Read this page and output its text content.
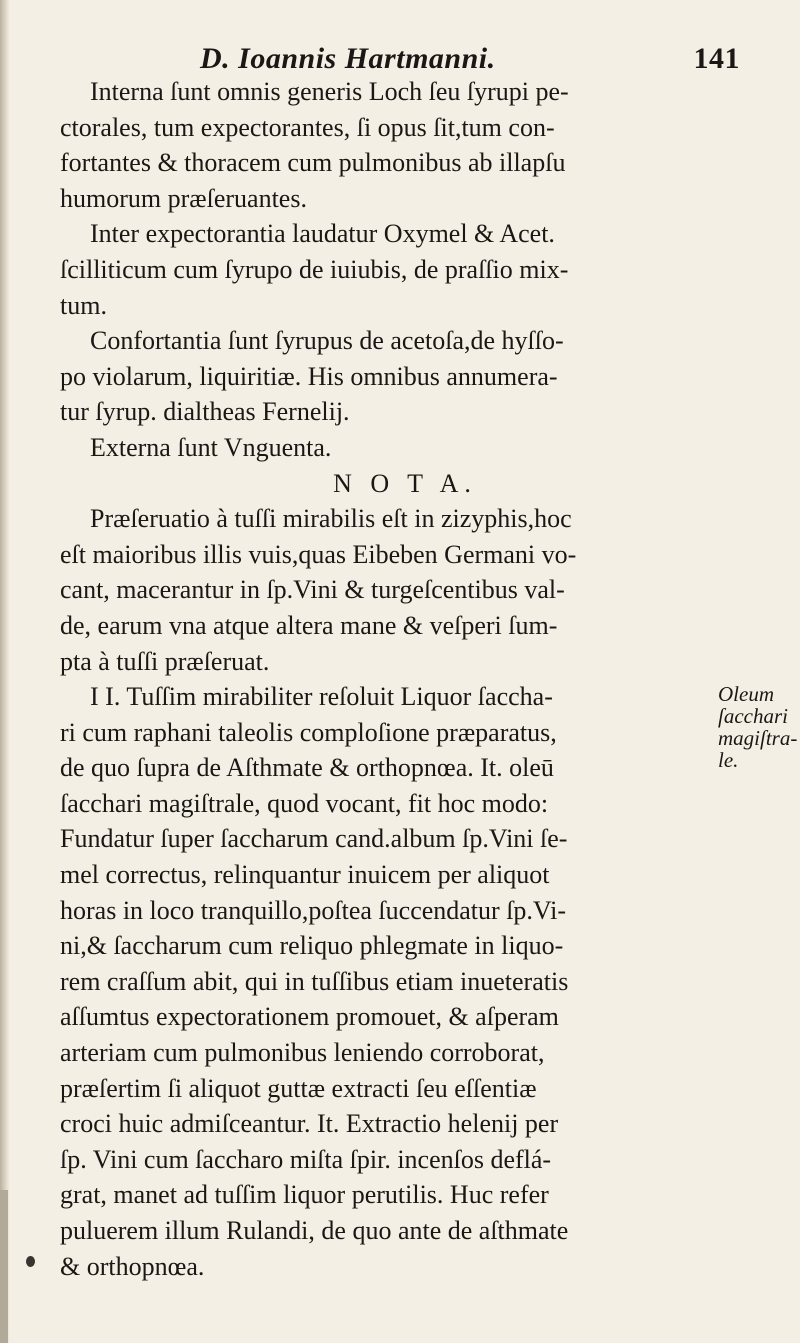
D. Ioannis Hartmanni.	141
Interna ſunt omnis generis Loch ſeu ſyrupi pe-
ctorales, tum expectorantes, ſi opus ſit,tum con-
fortantes & thoracem cum pulmonibus ab illapſu
humorum præſeruantes.
Inter expectorantia laudatur Oxymel & Acet.
ſcilliticum cum ſyrupo de iuiubis, de praſſio mix-
tum.
Confortantia ſunt ſyrupus de acetoſa,de hyſſo-
po violarum, liquiritiæ. His omnibus annumera-
tur ſyrup. dialtheas Fernelij.
Externa ſunt Vnguenta.
N O T A.
Præſeruatio à tuſſi mirabilis eſt in zizyphis,hoc
eſt maioribus illis vuis,quas Eibeben Germani vo-
cant, macerantur in ſp.Vini & turgeſcentibus val-
de, earum vna atque altera mane & veſperi ſum-
pta à tuſſi præſeruat.
I I. Tuſſim mirabiliter reſoluit Liquor ſaccha-
ri cum raphani taleolis comploſione præparatus,
de quo ſupra de Aſthmate & orthopnœa. It. oleū
ſacchari magiſtrale, quod vocant, fit hoc modo:
Fundatur ſuper ſaccharum cand.album ſp.Vini ſe-
mel correctus, relinquantur inuicem per aliquot
horas in loco tranquillo,poſtea ſuccendatur ſp.Vi-
ni,& ſaccharum cum reliquo phlegmate in liquo-
rem craſſum abit, qui in tuſſibus etiam inueteratis
aſſumtus expectorationem promouet, & aſperam
arteriam cum pulmonibus leniendo corroborat,
præſertim ſi aliquot guttæ extracti ſeu eſſentiæ
croci huic admiſceantur. It. Extractio helenij per
ſp. Vini cum ſaccharo miſta ſpir. incenſos deflá-
grat, manet ad tuſſim liquor perutilis. Huc refer
puluerem illum Rulandi, de quo ante de aſthmate
& orthopnœa.
Oleum
ſacchari
magiſtra-
le.
